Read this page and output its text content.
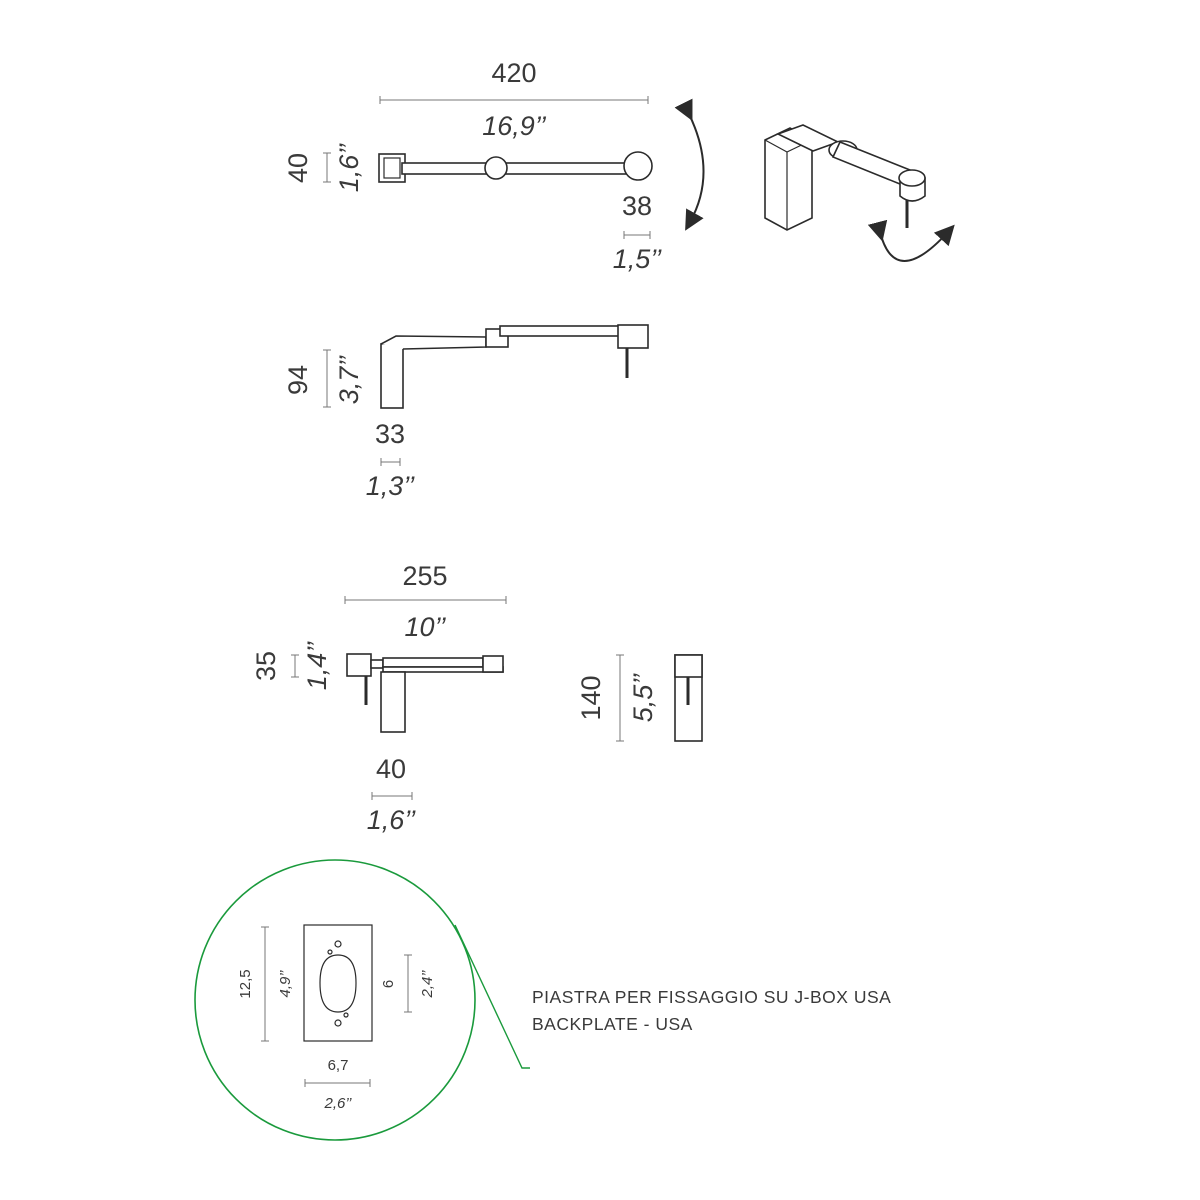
420
16,9’’
40 1,6’’
38
1,5’’
94 3,7’’
33
1,3’’
255
10’’
35 1,4’’
40
1,6’’
140 5,5’’
12,5 4,9’’	6 2,4’’
6,7
2,6’’
PIASTRA PER FISSAGGIO SU J-BOX USA
BACKPLATE - USA
